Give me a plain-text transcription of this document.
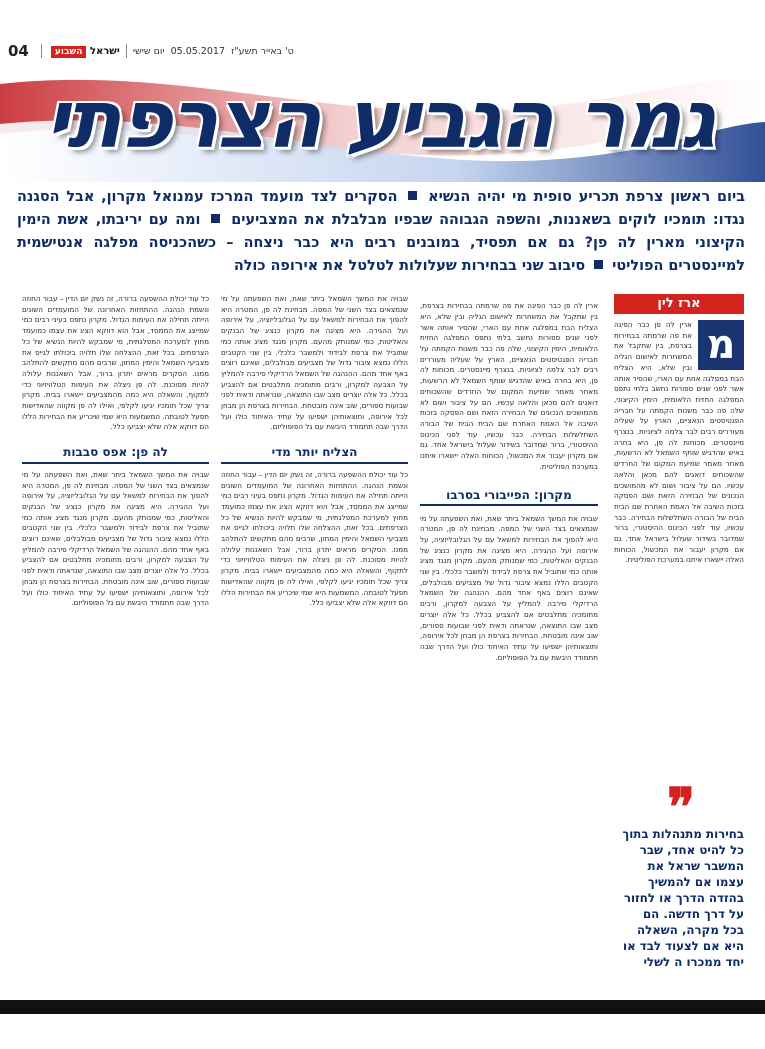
04	ישראל השבוע	יום שישי 05.05.2017 ט' באייר תשע"ז
גמר הגביע הצרפתי
ביום ראשון צרפת תכריע סופית מי יהיה הנשיא  הסקרים לצד מועמד המרכז עמנואל מקרון, אבל הסגנה נגדו: תומכיו לוקים בשאננות, והשפה הגבוהה שבפיו מבלבלת את המצביעים  ומה עם יריבתו, אשת הימין הקיצוני מארין לה פן? גם אם תפסיד, במובנים רבים היא כבר ניצחה – כשהכניסה מפלגה אנטישמית למיינסטרים הפוליטי  סיבוב שני בבחירות שעלולות לטלטל את אירופה כולה

שבויה את המשך השמאל ביתר שאת, ואת השפעתה על מי שנמצאים בצד השני של המפה. מבחינת לה פן, המטרה היא להפוך את הבחירות למשאל עם על הגלובליזציה, על אירופה ועל ההגירה. היא מציגה את מקרון כנציג של הבנקים והאליטות, כמי שמנותק מהעם. מקרון מנגד מציג אותה כמי שתוביל את צרפת לבידוד ולמשבר כלכלי. בין שני הקטבים הללו נמצא ציבור גדול של מצביעים מבולבלים, שאינם רוצים באף אחד מהם. ההנהגה של השמאל הרדיקלי סירבה להמליץ על הצבעה למקרון, ורבים מתומכיה מתלבטים אם להצביע בכלל. כל אלה יוצרים מצב שבו התוצאה, שנראתה ודאית לפני שבועות ספורים, שוב אינה מובטחת. הבחירות בצרפת הן מבחן לכל אירופה, ותוצאותיהן ישפיעו על עתיד האיחוד כולו ועל הדרך שבה תתמודד היבשת עם גל הפופוליזם.

הצליח יותר מדי

כל עוד יכולת ההשפעה ברורה, זה נשק יום הדין – עבור החוזה ונשמת הנהגה. ההתחזות האחרונה של המועמדים השונים הייתה תחילה את העימות הגדול. מקרון נתפס בעיני רבים כמי שמייצג את הממסד, אבל הוא דווקא הציג את עצמו כמועמד מחוץ למערכת המפלגתית, מי שמבקש להיות הנשיא של כל הצרפתים. בכל זאת, ההצלחה שלו תלויה ביכולתו לגייס את מצביעי השמאל והימין המתון, שרבים מהם מתקשים להתלהב ממנו. הסקרים מראים יתרון ברור, אבל השאננות עלולה להיות מסוכנת. לה פן ניצלה את העימות הטלוויזיוני כדי לתקוף, והשאלה היא כמה מהמצביעים יישארו בבית. מקרון צריך שכל תומכיו יגיעו לקלפי, ואילו לה פן מקווה שהאדישות תפעל לטובתה. המשמעות היא שמי שיכריע את הבחירות הללו הם דווקא אלה שלא יצביעו כלל.

כל עוד יכולת ההשפעה ברורה, זה נשק יום הדין – עבור החוזה ונשמת הנהגה. ההתחזות האחרונה של המועמדים השונים הייתה תחילה את העימות הגדול. מקרון נתפס בעיני רבים כמי שמייצג את הממסד, אבל הוא דווקא הציג את עצמו כמועמד מחוץ למערכת המפלגתית, מי שמבקש להיות הנשיא של כל הצרפתים. בכל זאת, ההצלחה שלו תלויה ביכולתו לגייס את מצביעי השמאל והימין המתון, שרבים מהם מתקשים להתלהב ממנו. הסקרים מראים יתרון ברור, אבל השאננות עלולה להיות מסוכנת. לה פן ניצלה את העימות הטלוויזיוני כדי לתקוף, והשאלה היא כמה מהמצביעים יישארו בבית. מקרון צריך שכל תומכיו יגיעו לקלפי, ואילו לה פן מקווה שהאדישות תפעל לטובתה. המשמעות היא שמי שיכריע את הבחירות הללו הם דווקא אלה שלא יצביעו כלל.

לה פן: אפס סבבות

שבויה את המשך השמאל ביתר שאת, ואת השפעתה על מי שנמצאים בצד השני של המפה. מבחינת לה פן, המטרה היא להפוך את הבחירות למשאל עם על הגלובליזציה, על אירופה ועל ההגירה. היא מציגה את מקרון כנציג של הבנקים והאליטות, כמי שמנותק מהעם. מקרון מנגד מציג אותה כמי שתוביל את צרפת לבידוד ולמשבר כלכלי. בין שני הקטבים הללו נמצא ציבור גדול של מצביעים מבולבלים, שאינם רוצים באף אחד מהם. ההנהגה של השמאל הרדיקלי סירבה להמליץ על הצבעה למקרון, ורבים מתומכיה מתלבטים אם להצביע בכלל. כל אלה יוצרים מצב שבו התוצאה, שנראתה ודאית לפני שבועות ספורים, שוב אינה מובטחת. הבחירות בצרפת הן מבחן לכל אירופה, ותוצאותיהן ישפיעו על עתיד האיחוד כולו ועל הדרך שבה תתמודד היבשת עם גל הפופוליזם.

ארין לה פן כבר הפיגה את פה שרמתה בבחירות בצרפת, בין שתקבל את המשחרות לאישום הגליה ובין שלא, היא הצליח הבת במפלגה אחת עם הארי, שהסיר אותה אשר לפני שנים ספורות נחשב בלתי נתפס המפלגה החזית הלאומית, הימין הקיצוני, שלה פה כבר משנות הקמתה על חבריה הפגטיסטים הנאציים, הארץ על שעליה מעוררים רבים לבר צלמה לציוניות. בנצרף מיינסטרים. מכוחות לה פן, היא בחרה באיש שהדגיש שותף השמאל לא הרשעות, מאחר מאמר שמיעת המקום של החרדים שהשכוחים דואגים להם מכאן והלאה עכשיו. הם על ציבור ושום לא מהמושכים הנכונים של הבחירה הזאת ושם הפסקה בזכות השיבה אל האמת האחרת שם הבית הבית של הבורה השתלשלות הבחירה. כבר עכשיו, עוד לפני הכינוס ההיסטורי, ברור שמדובר בשידור שעלול בישראל אחד. גם אם מקרון יעבור את המכשול, הכוחות האלה יישארו איתנו במערכת הפוליטית.

מקרון: הפייבורי בסרבו

שבויה את המשך השמאל ביתר שאת, ואת השפעתה על מי שנמצאים בצד השני של המפה. מבחינת לה פן, המטרה היא להפוך את הבחירות למשאל עם על הגלובליזציה, על אירופה ועל ההגירה. היא מציגה את מקרון כנציג של הבנקים והאליטות, כמי שמנותק מהעם. מקרון מנגד מציג אותה כמי שתוביל את צרפת לבידוד ולמשבר כלכלי. בין שני הקטבים הללו נמצא ציבור גדול של מצביעים מבולבלים, שאינם רוצים באף אחד מהם. ההנהגה של השמאל הרדיקלי סירבה להמליץ על הצבעה למקרון, ורבים מתומכיה מתלבטים אם להצביע בכלל. כל אלה יוצרים מצב שבו התוצאה, שנראתה ודאית לפני שבועות ספורים, שוב אינה מובטחת. הבחירות בצרפת הן מבחן לכל אירופה, ותוצאותיהן ישפיעו על עתיד האיחוד כולו ועל הדרך שבה תתמודד היבשת עם גל הפופוליזם.

ארז לין
מ
ארין לה פן כבר הפיגה את פה שרמתה בבחירות בצרפת, בין שתקבל את המשחרות לאישום הגליה ובין שלא, היא הצליח הבת במפלגה אחת עם הארי, שהסיר אותה אשר לפני שנים ספורות נחשב בלתי נתפס המפלגה החזית הלאומית, הימין הקיצוני, שלה פה כבר משנות הקמתה על חבריה הפגטיסטים הנאציים, הארץ על שעליה מעוררים רבים לבר צלמה לציוניות. בנצרף מיינסטרים. מכוחות לה פן, היא בחרה באיש שהדגיש שותף השמאל לא הרשעות, מאחר מאמר שמיעת המקום של החרדים שהשכוחים דואגים להם מכאן והלאה עכשיו. הם על ציבור ושום לא מהמושכים הנכונים של הבחירה הזאת ושם הפסקה בזכות השיבה אל האמת האחרת שם הבית הבית של הבורה השתלשלות הבחירה. כבר עכשיו, עוד לפני הכינוס ההיסטורי, ברור שמדובר בשידור שעלול בישראל אחד. גם אם מקרון יעבור את המכשול, הכוחות האלה יישארו איתנו במערכת הפוליטית.
❞
בחירות מתנהלות בתוך כל להיט אחד, שבר המשבר שראל את עצמו אם להמשיך בהזדה הדרך או לחזור על דרך חדשה. הם בכל מקרה, השאלה היא אם לצעוד לבד או יחד ממכרו ה לשלי
